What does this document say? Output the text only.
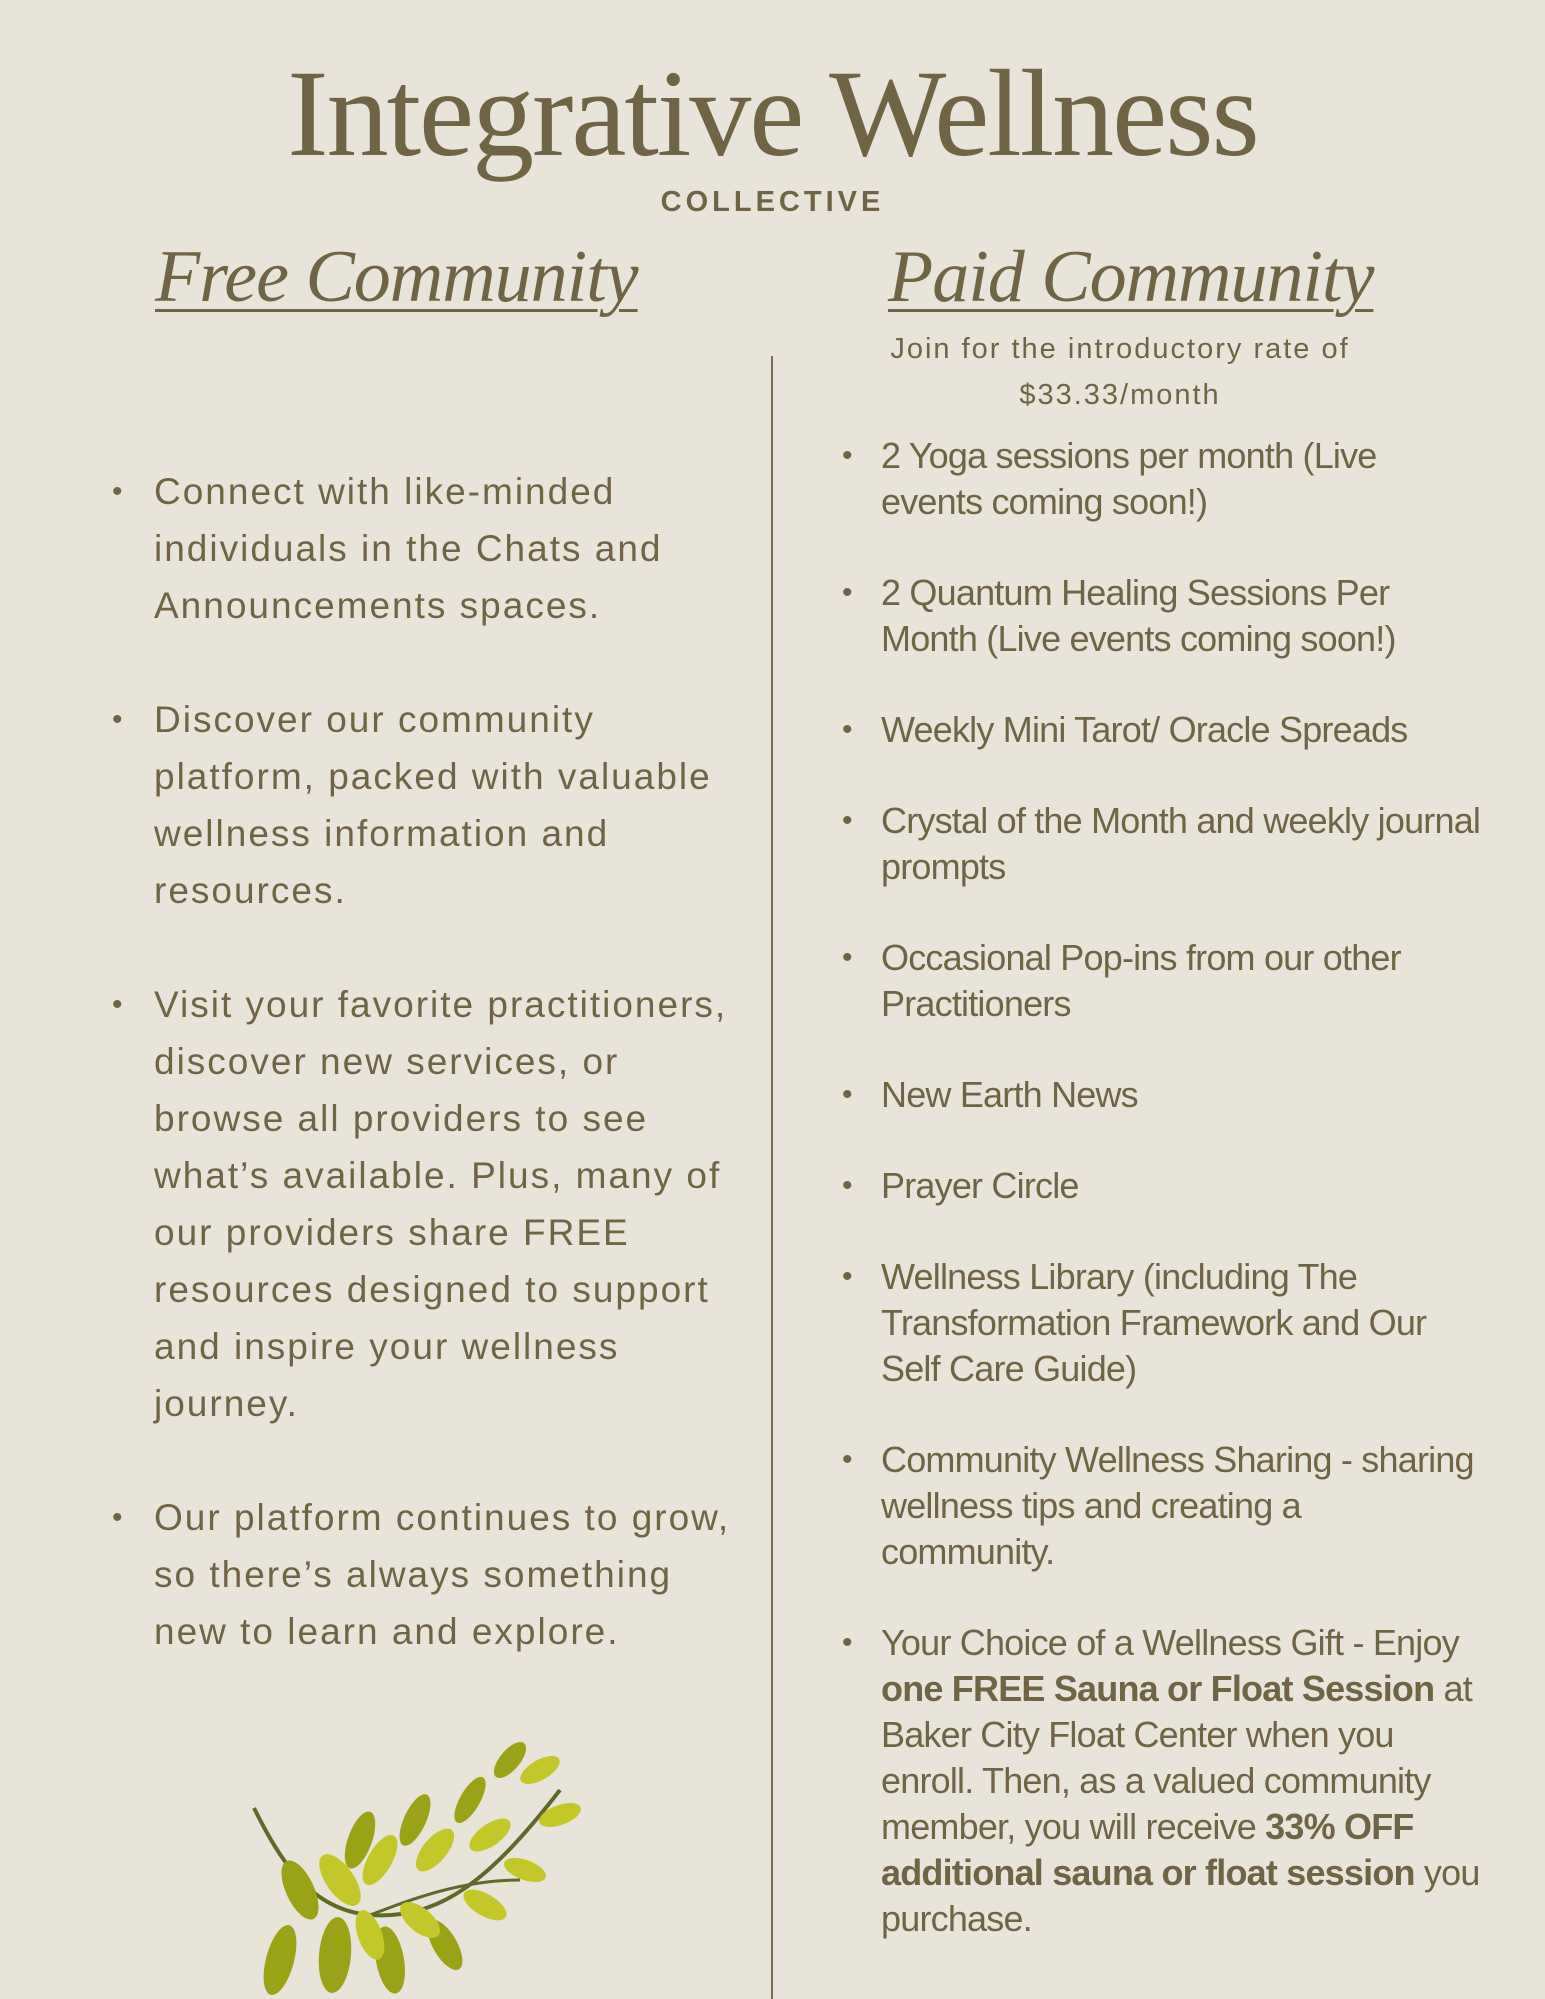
Integrative Wellness
COLLECTIVE
Free Community	Paid Community
Join for the introductory rate of $33.33/month
• Connect with like-minded individuals in the Chats and Announcements spaces.
• Discover our community platform, packed with valuable wellness information and resources.
• Visit your favorite practitioners, discover new services, or browse all providers to see what’s available. Plus, many of our providers share FREE resources designed to support and inspire your wellness journey.
• Our platform continues to grow, so there’s always something new to learn and explore.
• 2 Yoga sessions per month (Live events coming soon!)
• 2 Quantum Healing Sessions Per Month (Live events coming soon!)
• Weekly Mini Tarot/ Oracle Spreads
• Crystal of the Month and weekly journal prompts
• Occasional Pop-ins from our other Practitioners
• New Earth News
• Prayer Circle
• Wellness Library (including The Transformation Framework and Our Self Care Guide)
• Community Wellness Sharing - sharing wellness tips and creating a community.
• Your Choice of a Wellness Gift - Enjoy one FREE Sauna or Float Session at Baker City Float Center when you enroll. Then, as a valued community member, you will receive 33% OFF additional sauna or float session you purchase.
